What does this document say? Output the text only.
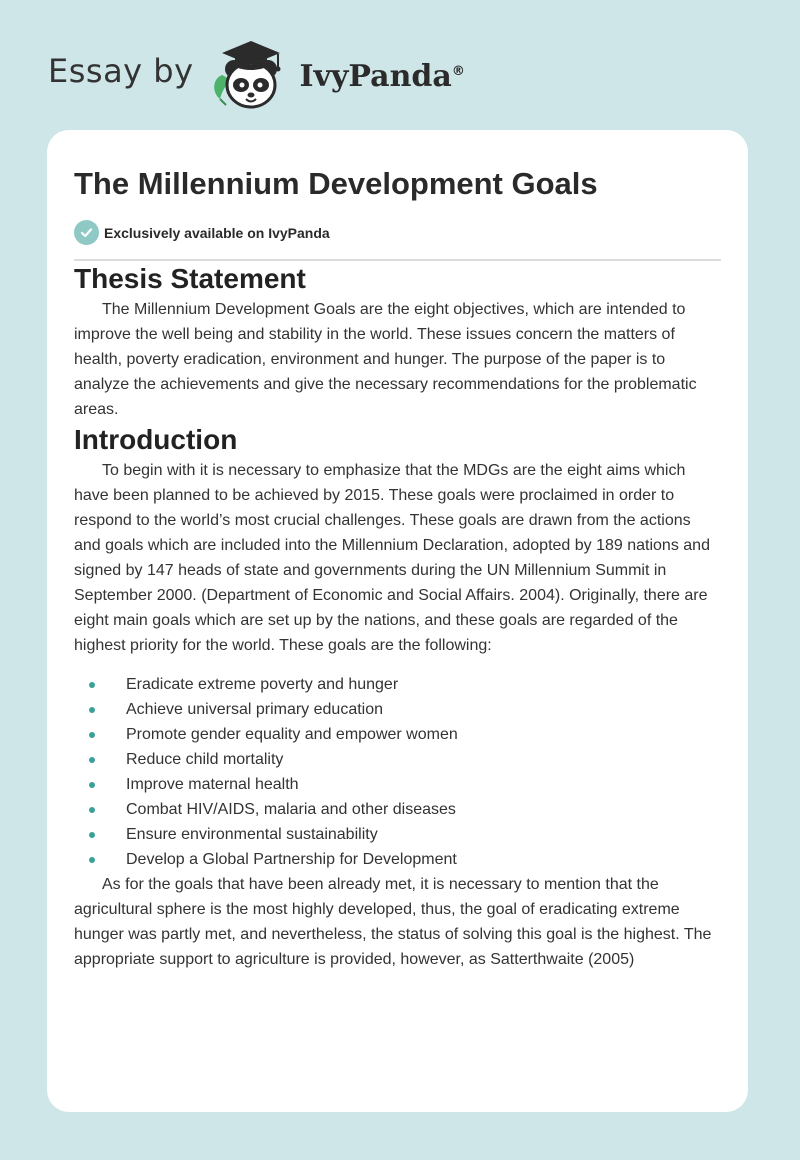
Essay by	IvyPanda®
The Millennium Development Goals
Exclusively available on IvyPanda
Thesis Statement

The Millennium Development Goals are the eight objectives, which are intended to improve the well being and stability in the world. These issues concern the matters of health, poverty eradication, environment and hunger. The purpose of the paper is to analyze the achievements and give the necessary recommendations for the problematic areas.

Introduction

To begin with it is necessary to emphasize that the MDGs are the eight aims which have been planned to be achieved by 2015. These goals were proclaimed in order to respond to the world’s most crucial challenges. These goals are drawn from the actions and goals which are included into the Millennium Declaration, adopted by 189 nations and signed by 147 heads of state and governments during the UN Millennium Summit in September 2000. (Department of Economic and Social Affairs. 2004). Originally, there are eight main goals which are set up by the nations, and these goals are regarded of the highest priority for the world. These goals are the following:

Eradicate extreme poverty and hunger
Achieve universal primary education
Promote gender equality and empower women
Reduce child mortality
Improve maternal health
Combat HIV/AIDS, malaria and other diseases
Ensure environmental sustainability
Develop a Global Partnership for Development

As for the goals that have been already met, it is necessary to mention that the agricultural sphere is the most highly developed, thus, the goal of eradicating extreme hunger was partly met, and nevertheless, the status of solving this goal is the highest. The appropriate support to agriculture is provided, however, as Satterthwaite (2005)
